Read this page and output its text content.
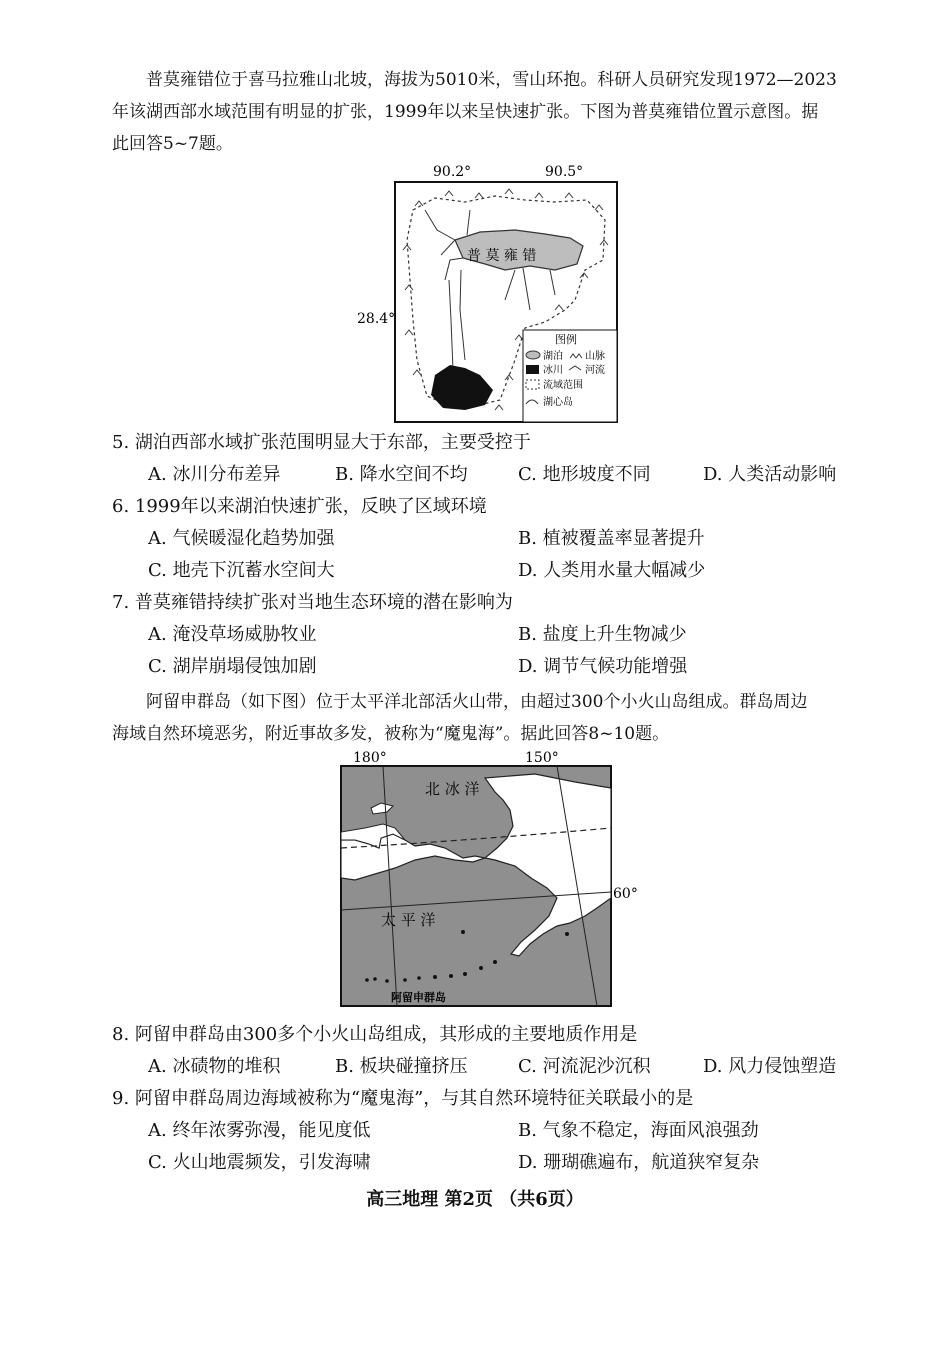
普莫雍错位于喜马拉雅山北坡，海拔为5010米，雪山环抱。科研人员研究发现1972—2023

年该湖西部水域范围有明显的扩张，1999年以来呈快速扩张。下图为普莫雍错位置示意图。据

此回答5~7题。

90.2°	90.5°
28.4°
普 莫 雍 错
图例
湖泊 山脉
冰川 河流
流域范围
湖心岛

5. 湖泊西部水域扩张范围明显大于东部，主要受控于

A. 冰川分布差异	B. 降水空间不均	C. 地形坡度不同	D. 人类活动影响

6. 1999年以来湖泊快速扩张，反映了区域环境

A. 气候暖湿化趋势加强	B. 植被覆盖率显著提升
C. 地壳下沉蓄水空间大	D. 人类用水量大幅减少

7. 普莫雍错持续扩张对当地生态环境的潜在影响为

A. 淹没草场威胁牧业	B. 盐度上升生物减少
C. 湖岸崩塌侵蚀加剧	D. 调节气候功能增强

阿留申群岛（如下图）位于太平洋北部活火山带，由超过300个小火山岛组成。群岛周边

海域自然环境恶劣，附近事故多发，被称为“魔鬼海”。据此回答8~10题。

180°	150°
北 冰 洋
太 平 洋
阿留申群岛
60°

8. 阿留申群岛由300多个小火山岛组成，其形成的主要地质作用是

A. 冰碛物的堆积	B. 板块碰撞挤压	C. 河流泥沙沉积	D. 风力侵蚀塑造

9. 阿留申群岛周边海域被称为“魔鬼海”，与其自然环境特征关联最小的是

A. 终年浓雾弥漫，能见度低	B. 气象不稳定，海面风浪强劲
C. 火山地震频发，引发海啸	D. 珊瑚礁遍布，航道狭窄复杂
高三地理 第2页 （共6页）
